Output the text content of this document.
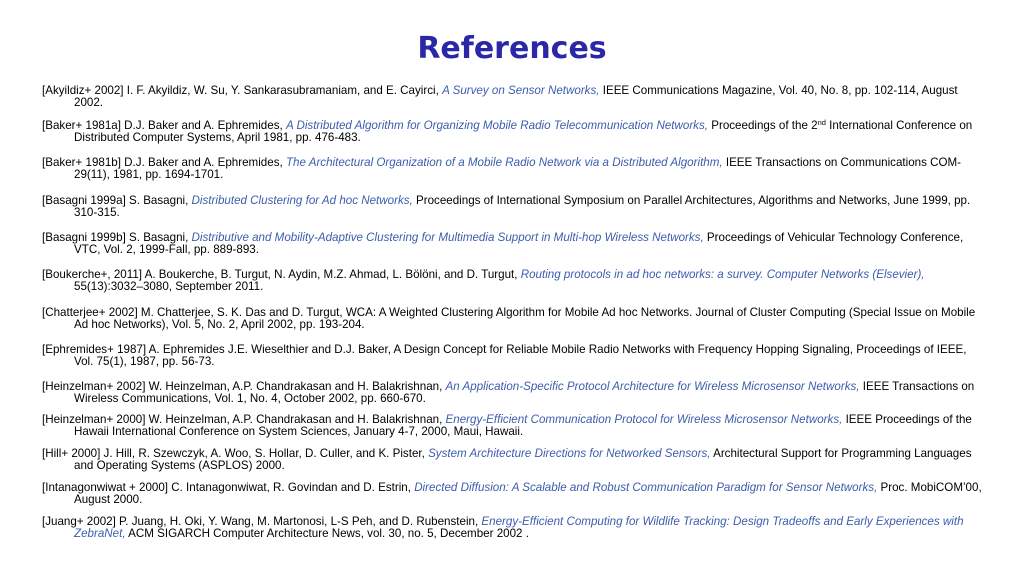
References
[Akyildiz+ 2002] I. F. Akyildiz, W. Su, Y. Sankarasubramaniam, and E. Cayirci, A Survey on Sensor Networks, IEEE Communications Magazine, Vol. 40, No. 8, pp. 102-114, August 2002.
[Baker+ 1981a] D.J. Baker and A. Ephremides, A Distributed Algorithm for Organizing Mobile Radio Telecommunication Networks, Proceedings of the 2nd International Conference on Distributed Computer Systems, April 1981, pp. 476-483.
[Baker+ 1981b] D.J. Baker and A. Ephremides, The Architectural Organization of a Mobile Radio Network via a Distributed Algorithm, IEEE Transactions on Communications COM-29(11), 1981, pp. 1694-1701.
[Basagni 1999a] S. Basagni, Distributed Clustering for Ad hoc Networks, Proceedings of International Symposium on Parallel Architectures, Algorithms and Networks, June 1999, pp. 310-315.
[Basagni 1999b] S. Basagni, Distributive and Mobility-Adaptive Clustering for Multimedia Support in Multi-hop Wireless Networks, Proceedings of Vehicular Technology Conference, VTC, Vol. 2, 1999-Fall, pp. 889-893.
[Boukerche+, 2011] A. Boukerche, B. Turgut, N. Aydin, M.Z. Ahmad, L. Bölöni, and D. Turgut, Routing protocols in ad hoc networks: a survey. Computer Networks (Elsevier), 55(13):3032–3080, September 2011.
[Chatterjee+ 2002] M. Chatterjee, S. K. Das and D. Turgut, WCA: A Weighted Clustering Algorithm for Mobile Ad hoc Networks. Journal of Cluster Computing (Special Issue on Mobile Ad hoc Networks), Vol. 5, No. 2, April 2002, pp. 193-204.
[Ephremides+ 1987] A. Ephremides J.E. Wieselthier and D.J. Baker, A Design Concept for Reliable Mobile Radio Networks with Frequency Hopping Signaling, Proceedings of IEEE, Vol. 75(1), 1987, pp. 56-73.
[Heinzelman+ 2002] W. Heinzelman, A.P. Chandrakasan and H. Balakrishnan, An Application-Specific Protocol Architecture for Wireless Microsensor Networks, IEEE Transactions on Wireless Communications, Vol. 1, No. 4, October 2002, pp. 660-670.
[Heinzelman+ 2000] W. Heinzelman, A.P. Chandrakasan and H. Balakrishnan, Energy-Efficient Communication Protocol for Wireless Microsensor Networks, IEEE Proceedings of the Hawaii International Conference on System Sciences, January 4-7, 2000, Maui, Hawaii.
[Hill+ 2000] J. Hill, R. Szewczyk, A. Woo, S. Hollar, D. Culler, and K. Pister, System Architecture Directions for Networked Sensors, Architectural Support for Programming Languages and Operating Systems (ASPLOS) 2000.
[Intanagonwiwat + 2000] C. Intanagonwiwat, R. Govindan and D. Estrin, Directed Diffusion: A Scalable and Robust Communication Paradigm for Sensor Networks, Proc. MobiCOM’00, August 2000.
[Juang+ 2002] P. Juang, H. Oki, Y. Wang, M. Martonosi, L-S Peh, and D. Rubenstein, Energy-Efficient Computing for Wildlife Tracking: Design Tradeoffs and Early Experiences with ZebraNet, ACM SIGARCH Computer Architecture News, vol. 30, no. 5, December 2002 .
